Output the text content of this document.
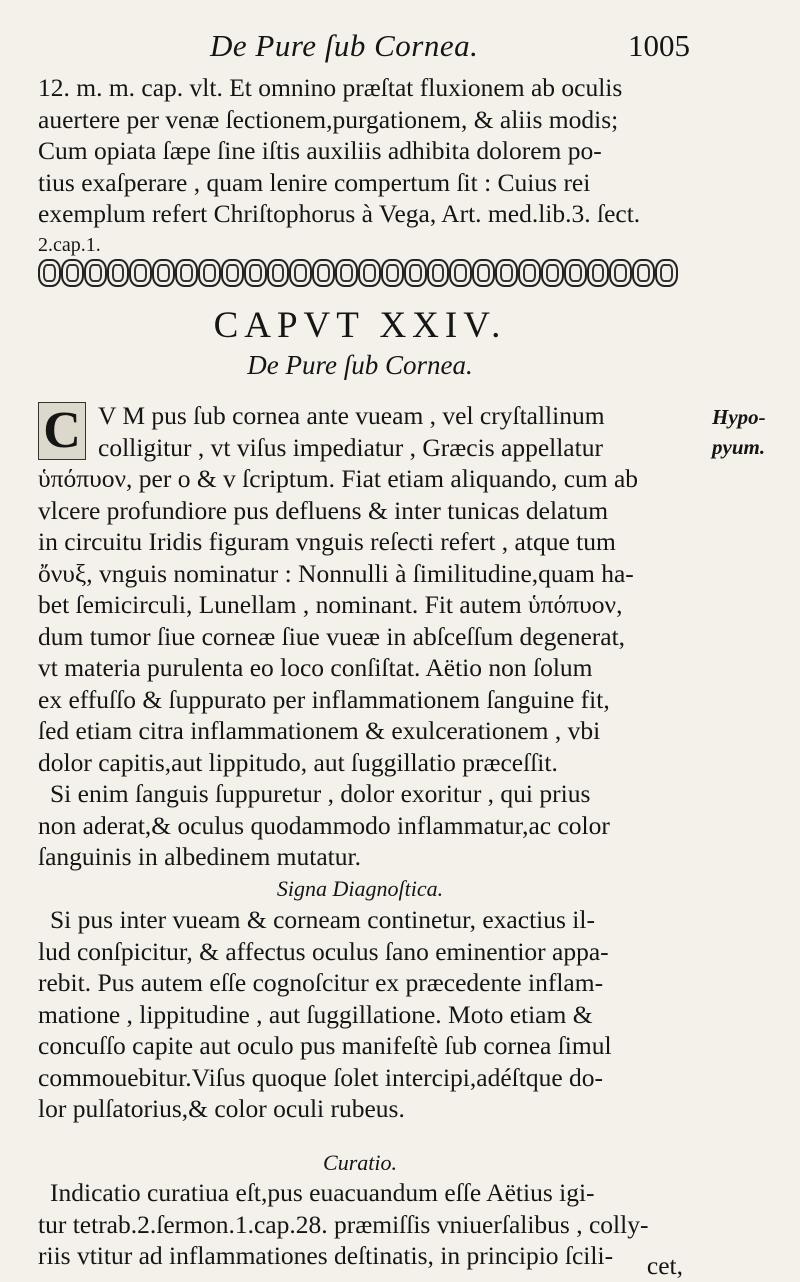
De Pure ſub Cornea.	1005
12. m. m. cap. vlt. Et omnino præſtat fluxionem ab oculis
auertere per venæ ſectionem,purgationem, & aliis modis;
Cum opiata ſæpe ſine iſtis auxiliis adhibita dolorem po-
tius exaſperare , quam lenire compertum ſit : Cuius rei
exemplum refert Chriſtophorus à Vega, Art. med.lib.3. ſect.
2.cap.1.
CAPVT XXIV.
De Pure ſub Cornea.
C	Hypo-
pyum.
V M pus ſub cornea ante vueam , vel cryſtallinum
colligitur , vt viſus impediatur , Græcis appellatur
ὑπόπυον, per o & v ſcriptum. Fiat etiam aliquando, cum ab
vlcere profundiore pus defluens & inter tunicas delatum
in circuitu Iridis figuram vnguis reſecti refert , atque tum
ὄνυξ, vnguis nominatur : Nonnulli à ſimilitudine,quam ha-
bet ſemicirculi, Lunellam , nominant. Fit autem ὑπόπυον,
dum tumor ſiue corneæ ſiue vueæ in abſceſſum degenerat,
vt materia purulenta eo loco conſiſtat. Aëtio non ſolum
ex effuſſo & ſuppurato per inflammationem ſanguine fit,
ſed etiam citra inflammationem & exulcerationem , vbi
dolor capitis,aut lippitudo, aut ſuggillatio præceſſit.
Si enim ſanguis ſuppuretur , dolor exoritur , qui prius
non aderat,& oculus quodammodo inflammatur,ac color
ſanguinis in albedinem mutatur.
Signa Diagnoſtica.
Si pus inter vueam & corneam continetur, exactius il-
lud conſpicitur, & affectus oculus ſano eminentior appa-
rebit. Pus autem eſſe cognoſcitur ex præcedente inflam-
matione , lippitudine , aut ſuggillatione. Moto etiam &
concuſſo capite aut oculo pus manifeſtè ſub cornea ſimul
commouebitur.Viſus quoque ſolet intercipi,adéſtque do-
lor pulſatorius,& color oculi rubeus.
Curatio.
Indicatio curatiua eſt,pus euacuandum eſſe Aëtius igi-
tur tetrab.2.ſermon.1.cap.28. præmiſſis vniuerſalibus , colly-
riis vtitur ad inflammationes deſtinatis, in principio ſcili-	cet,
